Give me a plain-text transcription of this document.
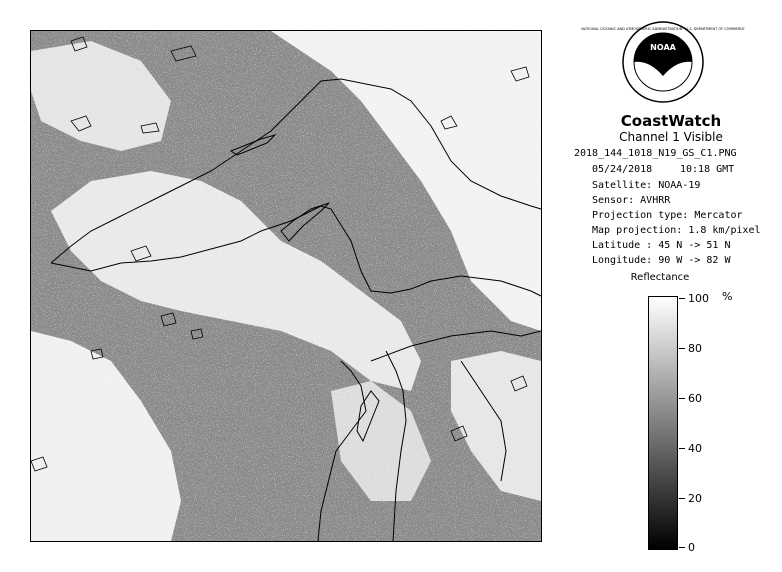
NOAA
NATIONAL OCEANIC AND ATMOSPHERIC ADMINISTRATION · U.S. DEPARTMENT OF COMMERCE
CoastWatch
Channel 1 Visible
2018_144_1018_N19_GS_C1.PNG
05/24/2018	10:18 GMT
Satellite: NOAA-19
Sensor: AVHRR
Projection type: Mercator
Map projection: 1.8 km/pixel
Latitude : 45 N -> 51 N
Longitude: 90 W -> 82 W
Reflectance
%
100
80
60
40
20
0
